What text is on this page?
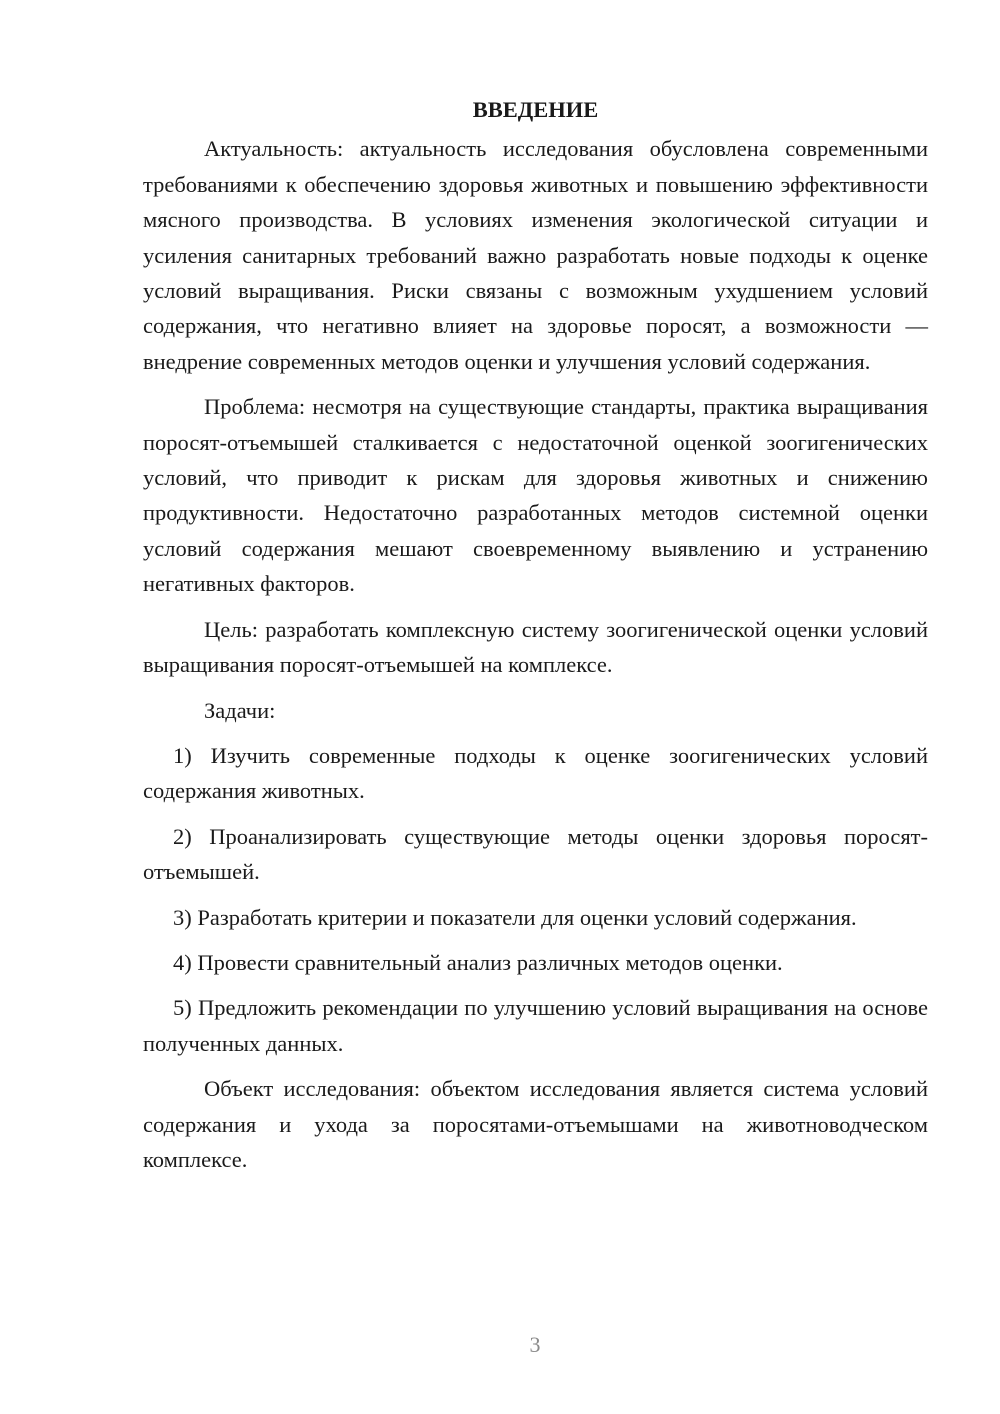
ВВЕДЕНИЕ

Актуальность: актуальность исследования обусловлена современными требованиями к обеспечению здоровья животных и повышению эффективности мясного производства. В условиях изменения экологической ситуации и усиления санитарных требований важно разработать новые подходы к оценке условий выращивания. Риски связаны с возможным ухудшением условий содержания, что негативно влияет на здоровье поросят, а возможности — внедрение современных методов оценки и улучшения условий содержания.

Проблема: несмотря на существующие стандарты, практика выращивания поросят-отъемышей сталкивается с недостаточной оценкой зоогигенических условий, что приводит к рискам для здоровья животных и снижению продуктивности. Недостаточно разработанных методов системной оценки условий содержания мешают своевременному выявлению и устранению негативных факторов.

Цель: разработать комплексную систему зоогигенической оценки условий выращивания поросят-отъемышей на комплексе.

Задачи:

1) Изучить современные подходы к оценке зоогигенических условий содержания животных.

2) Проанализировать существующие методы оценки здоровья поросят-отъемышей.

3) Разработать критерии и показатели для оценки условий содержания.

4) Провести сравнительный анализ различных методов оценки.

5) Предложить рекомендации по улучшению условий выращивания на основе полученных данных.

Объект исследования: объектом исследования является система условий содержания и ухода за поросятами-отъемышами на животноводческом комплексе.

3
